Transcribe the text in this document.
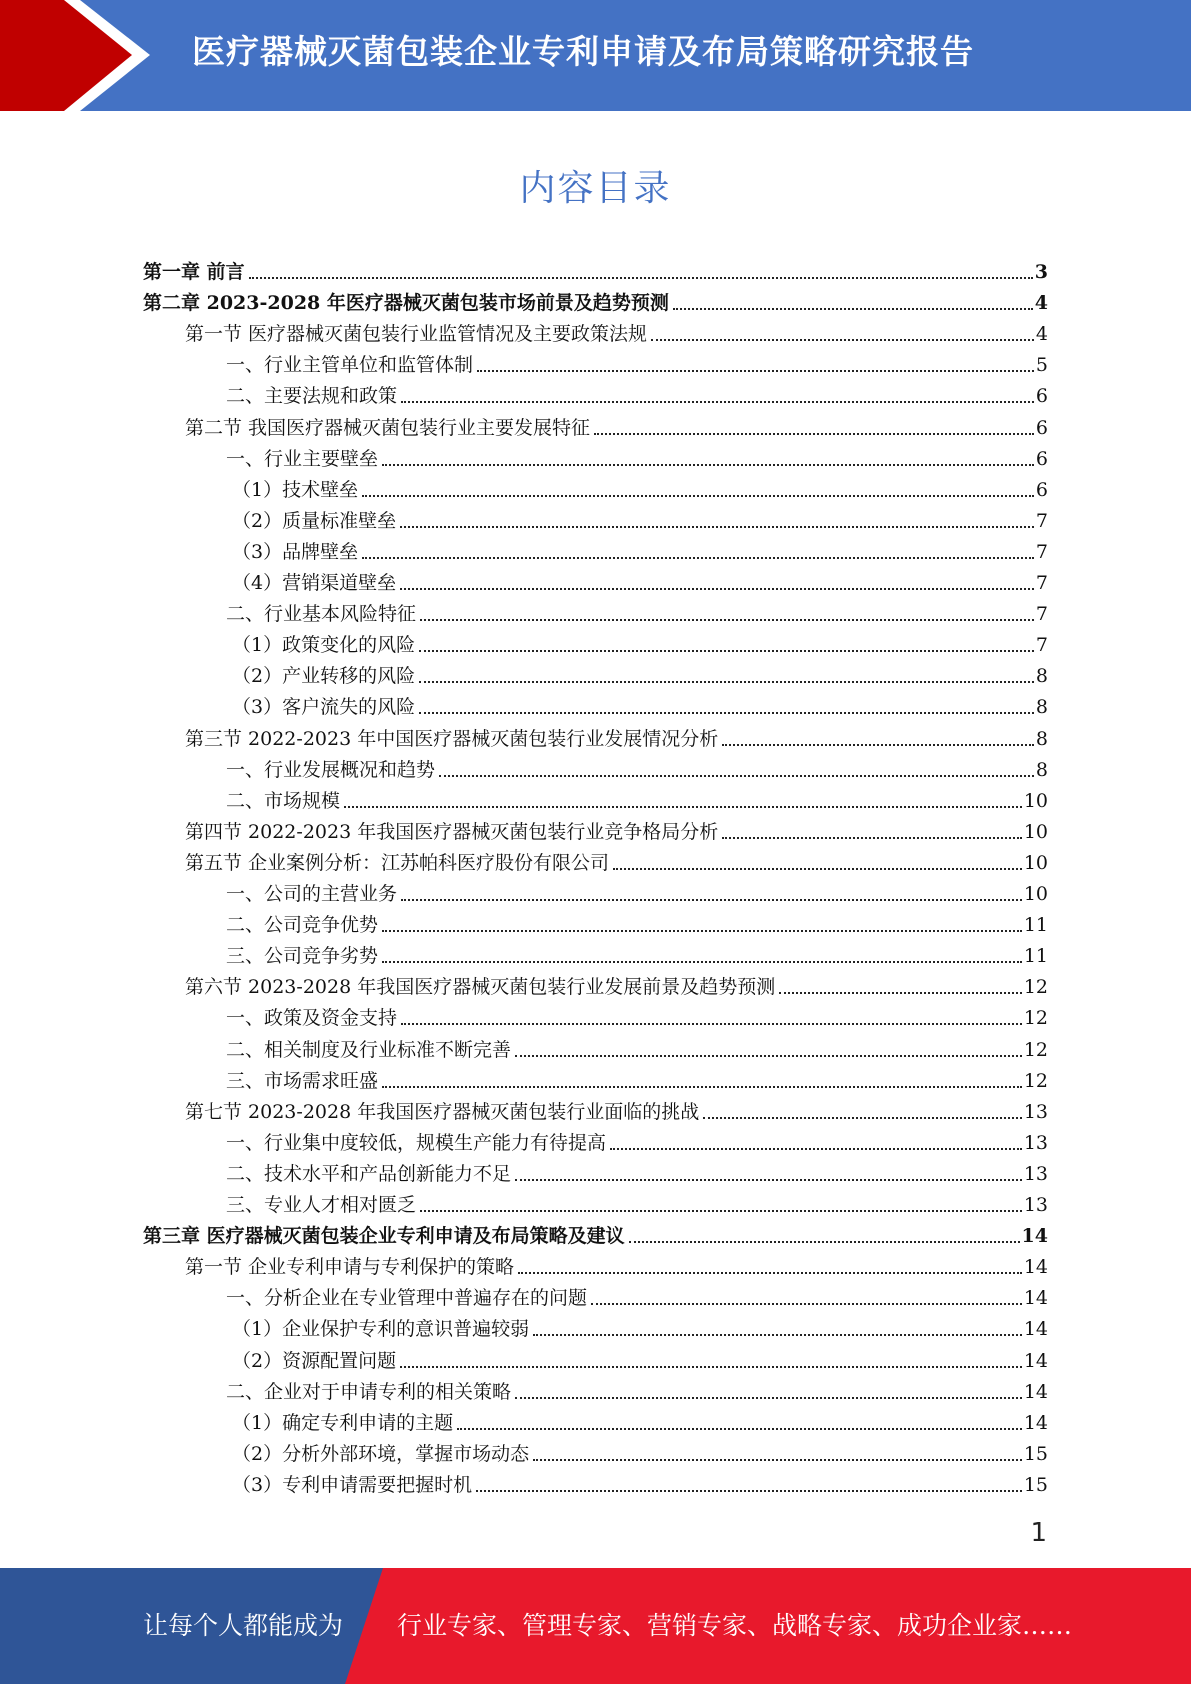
医疗器械灭菌包装企业专利申请及布局策略研究报告
内容目录
第一章 前言	3
第二章 2023-2028 年医疗器械灭菌包装市场前景及趋势预测	4
第一节 医疗器械灭菌包装行业监管情况及主要政策法规	4
一、行业主管单位和监管体制	5
二、主要法规和政策	6
第二节 我国医疗器械灭菌包装行业主要发展特征	6
一、行业主要壁垒	6
（1）技术壁垒	6
（2）质量标准壁垒	7
（3）品牌壁垒	7
（4）营销渠道壁垒	7
二、行业基本风险特征	7
（1）政策变化的风险	7
（2）产业转移的风险	8
（3）客户流失的风险	8
第三节 2022-2023 年中国医疗器械灭菌包装行业发展情况分析	8
一、行业发展概况和趋势	8
二、市场规模	10
第四节 2022-2023 年我国医疗器械灭菌包装行业竞争格局分析	10
第五节 企业案例分析：江苏帕科医疗股份有限公司	10
一、公司的主营业务	10
二、公司竞争优势	11
三、公司竞争劣势	11
第六节 2023-2028 年我国医疗器械灭菌包装行业发展前景及趋势预测	12
一、政策及资金支持	12
二、相关制度及行业标准不断完善	12
三、市场需求旺盛	12
第七节 2023-2028 年我国医疗器械灭菌包装行业面临的挑战	13
一、行业集中度较低，规模生产能力有待提高	13
二、技术水平和产品创新能力不足	13
三、专业人才相对匮乏	13
第三章 医疗器械灭菌包装企业专利申请及布局策略及建议	14
第一节 企业专利申请与专利保护的策略	14
一、分析企业在专业管理中普遍存在的问题	14
（1）企业保护专利的意识普遍较弱	14
（2）资源配置问题	14
二、企业对于申请专利的相关策略	14
（1）确定专利申请的主题	14
（2）分析外部环境，掌握市场动态	15
（3）专利申请需要把握时机	15
1
让每个人都能成为 行业专家、管理专家、营销专家、战略专家、成功企业家……
